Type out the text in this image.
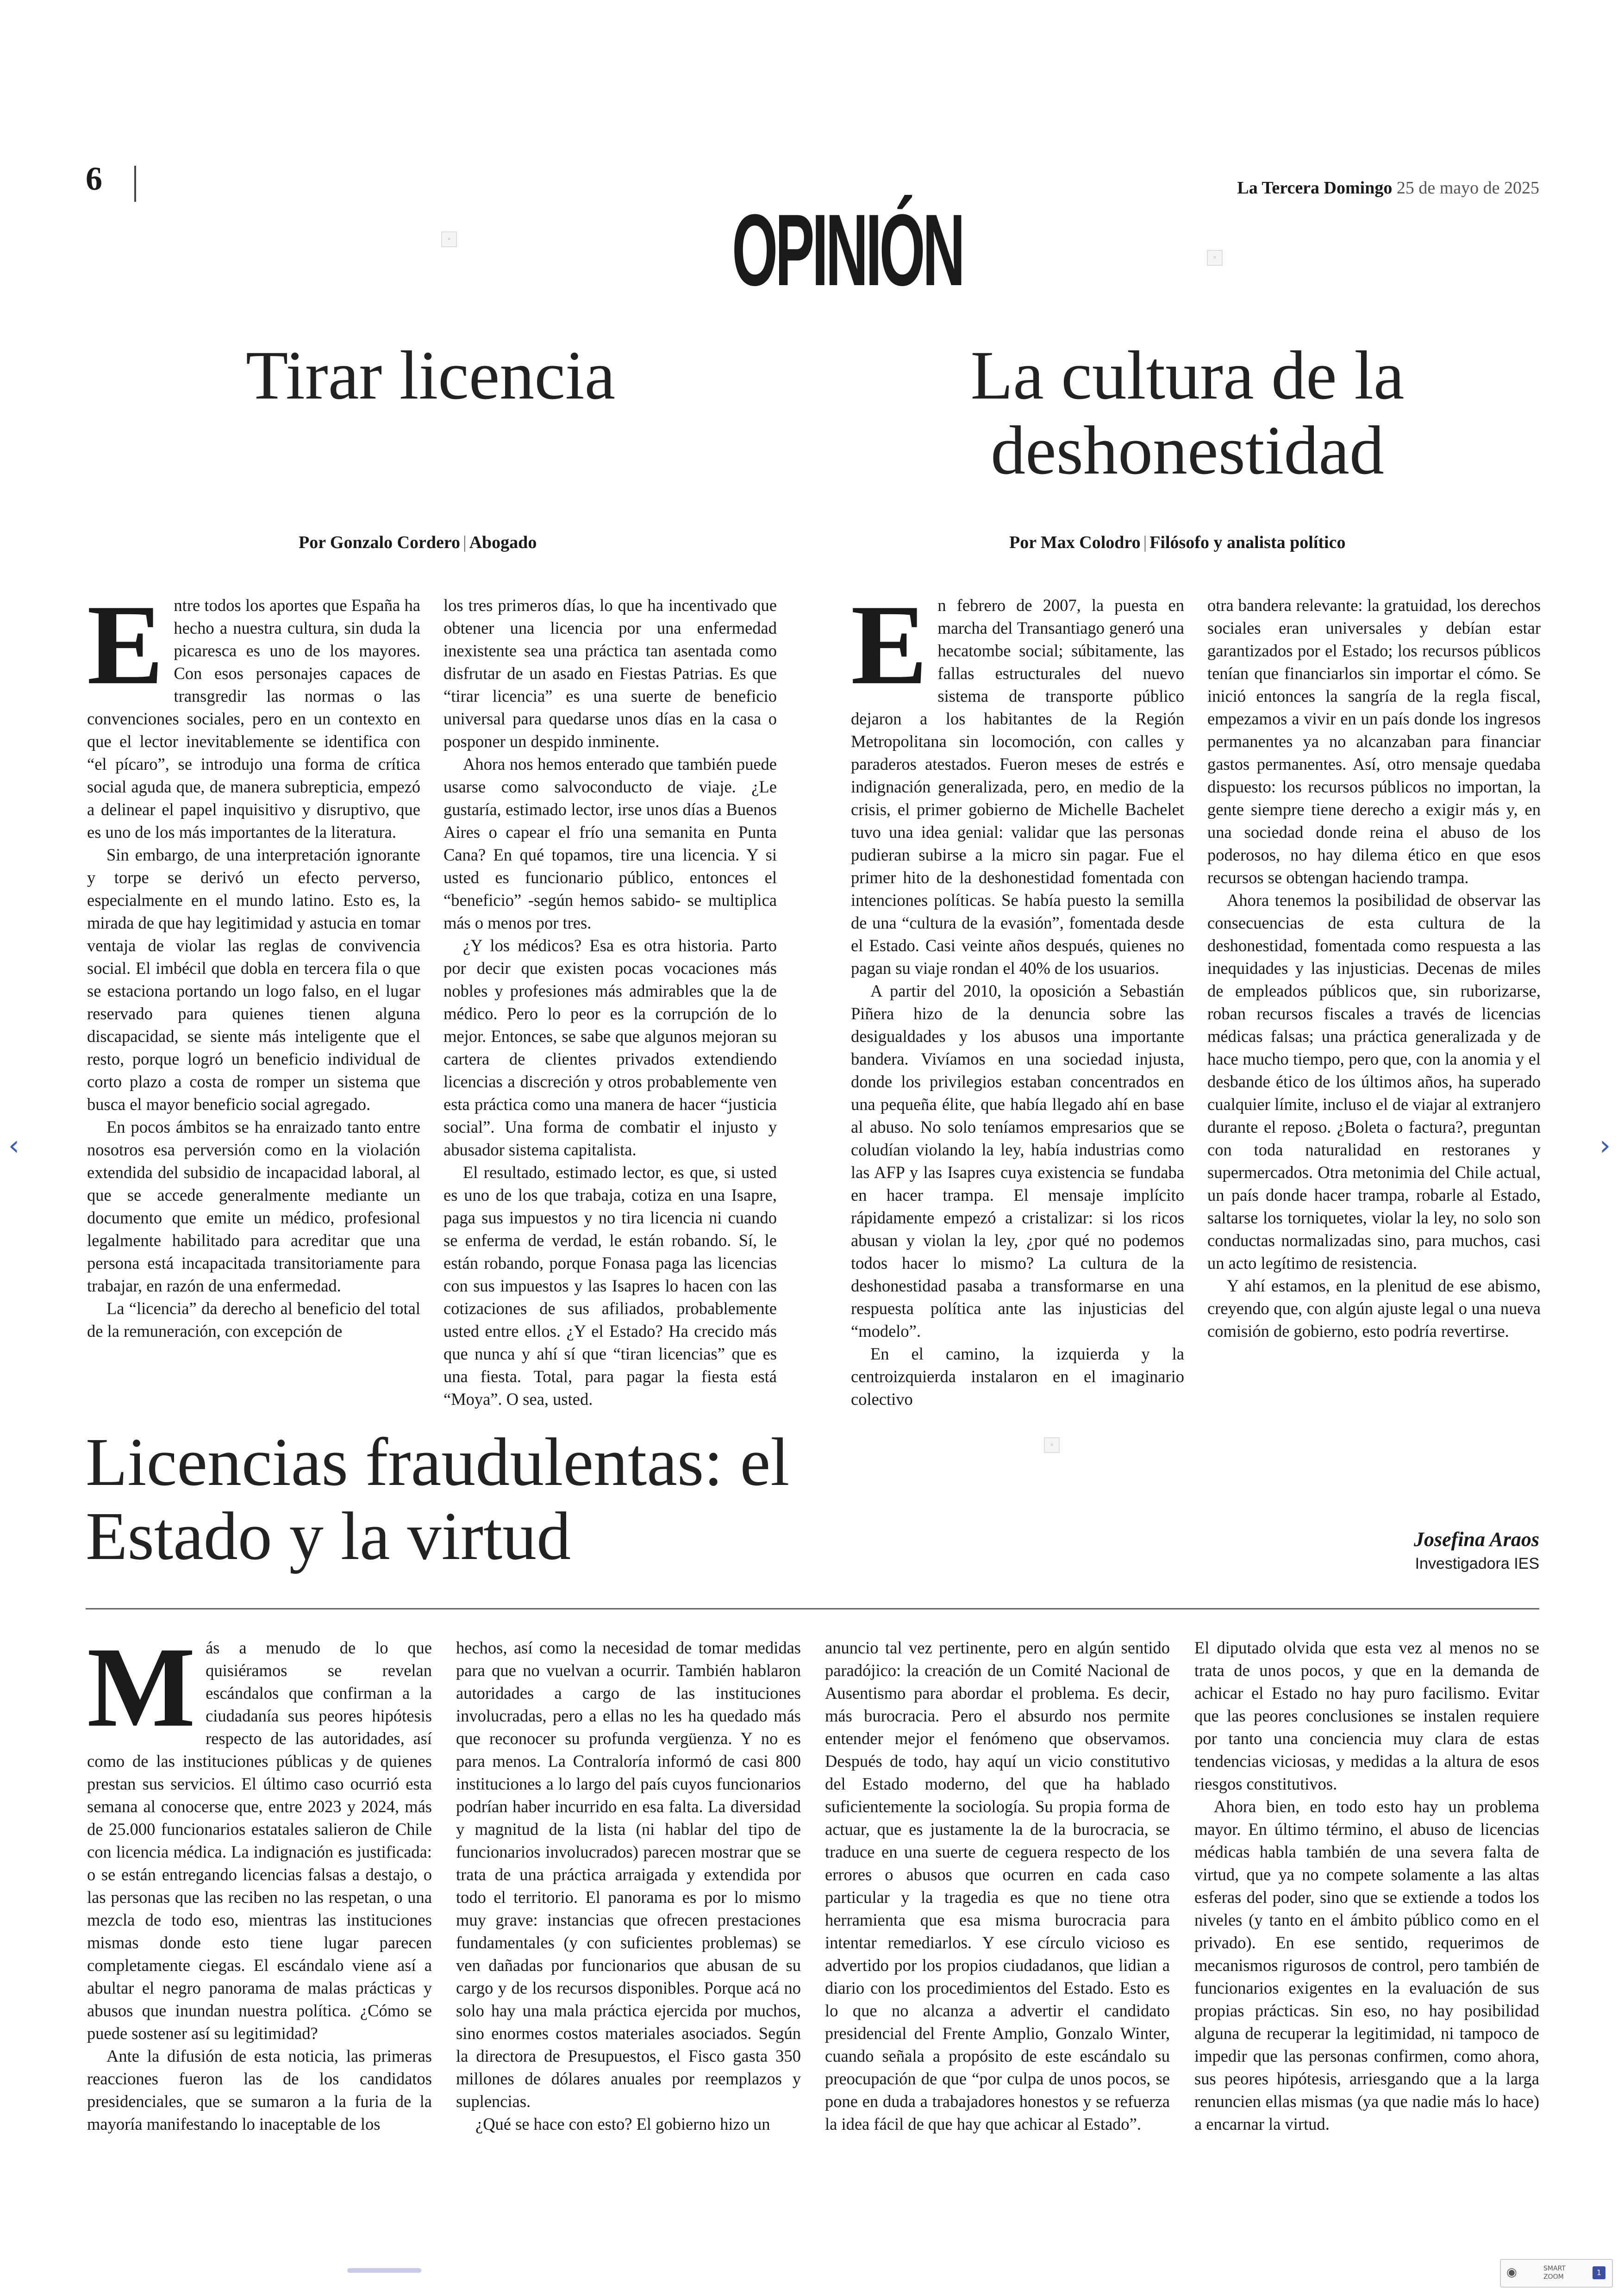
6	La Tercera Domingo 25 de mayo de 2025
OPINIÓN
▫
▫
▫
Tirar licencia
Por Gonzalo Cordero | Abogado

Entre todos los aportes que España ha hecho a nuestra cultura, sin duda la picaresca es uno de los mayores. Con esos personajes capaces de transgredir las normas o las convenciones sociales, pero en un contexto en que el lector inevitablemente se identifica con “el pícaro”, se introdujo una forma de crítica social aguda que, de manera subrepticia, empezó a delinear el papel inquisitivo y disruptivo, que es uno de los más importantes de la literatura.

Sin embargo, de una interpretación ignorante y torpe se derivó un efecto perverso, especialmente en el mundo latino. Esto es, la mirada de que hay legitimidad y astucia en tomar ventaja de violar las reglas de convivencia social. El imbécil que dobla en tercera fila o que se estaciona portando un logo falso, en el lugar reservado para quienes tienen alguna discapacidad, se siente más inteligente que el resto, porque logró un beneficio individual de corto plazo a costa de romper un sistema que busca el mayor beneficio social agregado.

En pocos ámbitos se ha enraizado tanto entre nosotros esa perversión como en la violación extendida del subsidio de incapacidad laboral, al que se accede generalmente mediante un documento que emite un médico, profesional legalmente habilitado para acreditar que una persona está incapacitada transitoriamente para trabajar, en razón de una enfermedad.

La “licencia” da derecho al beneficio del total de la remuneración, con excepción de

los tres primeros días, lo que ha incentivado que obtener una licencia por una enfermedad inexistente sea una práctica tan asentada como disfrutar de un asado en Fiestas Patrias. Es que “tirar licencia” es una suerte de beneficio universal para quedarse unos días en la casa o posponer un despido inminente.

Ahora nos hemos enterado que también puede usarse como salvoconducto de viaje. ¿Le gustaría, estimado lector, irse unos días a Buenos Aires o capear el frío una semanita en Punta Cana? En qué topamos, tire una licencia. Y si usted es funcionario público, entonces el “beneficio” -según hemos sabido- se multiplica más o menos por tres.

¿Y los médicos? Esa es otra historia. Parto por decir que existen pocas vocaciones más nobles y profesiones más admirables que la de médico. Pero lo peor es la corrupción de lo mejor. Entonces, se sabe que algunos mejoran su cartera de clientes privados extendiendo licencias a discreción y otros probablemente ven esta práctica como una manera de hacer “justicia social”. Una forma de combatir el injusto y abusador sistema capitalista.

El resultado, estimado lector, es que, si usted es uno de los que trabaja, cotiza en una Isapre, paga sus impuestos y no tira licencia ni cuando se enferma de verdad, le están robando. Sí, le están robando, porque Fonasa paga las licencias con sus impuestos y las Isapres lo hacen con las cotizaciones de sus afiliados, probablemente usted entre ellos. ¿Y el Estado? Ha crecido más que nunca y ahí sí que “tiran licencias” que es una fiesta. Total, para pagar la fiesta está “Moya”. O sea, usted.

La cultura de la
deshonestidad
Por Max Colodro | Filósofo y analista político

En febrero de 2007, la puesta en marcha del Transantiago generó una hecatombe social; súbitamente, las fallas estructurales del nuevo sistema de transporte público dejaron a los habitantes de la Región Metropolitana sin locomoción, con calles y paraderos atestados. Fueron meses de estrés e indignación generalizada, pero, en medio de la crisis, el primer gobierno de Michelle Bachelet tuvo una idea genial: validar que las personas pudieran subirse a la micro sin pagar. Fue el primer hito de la deshonestidad fomentada con intenciones políticas. Se había puesto la semilla de una “cultura de la evasión”, fomentada desde el Estado. Casi veinte años después, quienes no pagan su viaje rondan el 40% de los usuarios.

A partir del 2010, la oposición a Sebastián Piñera hizo de la denuncia sobre las desigualdades y los abusos una importante bandera. Vivíamos en una sociedad injusta, donde los privilegios estaban concentrados en una pequeña élite, que había llegado ahí en base al abuso. No solo teníamos empresarios que se coludían violando la ley, había industrias como las AFP y las Isapres cuya existencia se fundaba en hacer trampa. El mensaje implícito rápidamente empezó a cristalizar: si los ricos abusan y violan la ley, ¿por qué no podemos todos hacer lo mismo? La cultura de la deshonestidad pasaba a transformarse en una respuesta política ante las injusticias del “modelo”.

En el camino, la izquierda y la centroizquierda instalaron en el imaginario colectivo

otra bandera relevante: la gratuidad, los derechos sociales eran universales y debían estar garantizados por el Estado; los recursos públicos tenían que financiarlos sin importar el cómo. Se inició entonces la sangría de la regla fiscal, empezamos a vivir en un país donde los ingresos permanentes ya no alcanzaban para financiar gastos permanentes. Así, otro mensaje quedaba dispuesto: los recursos públicos no importan, la gente siempre tiene derecho a exigir más y, en una sociedad donde reina el abuso de los poderosos, no hay dilema ético en que esos recursos se obtengan haciendo trampa.

Ahora tenemos la posibilidad de observar las consecuencias de esta cultura de la deshonestidad, fomentada como respuesta a las inequidades y las injusticias. Decenas de miles de empleados públicos que, sin ruborizarse, roban recursos fiscales a través de licencias médicas falsas; una práctica generalizada y de hace mucho tiempo, pero que, con la anomia y el desbande ético de los últimos años, ha superado cualquier límite, incluso el de viajar al extranjero durante el reposo. ¿Boleta o factura?, preguntan con toda naturalidad en restoranes y supermercados. Otra metonimia del Chile actual, un país donde hacer trampa, robarle al Estado, saltarse los torniquetes, violar la ley, no solo son conductas normalizadas sino, para muchos, casi un acto legítimo de resistencia.

Y ahí estamos, en la plenitud de ese abismo, creyendo que, con algún ajuste legal o una nueva comisión de gobierno, esto podría revertirse.

Licencias fraudulentas: el
Estado y la virtud	Josefina Araos
Investigadora IES

Más a menudo de lo que quisiéramos se revelan escándalos que confirman a la ciudadanía sus peores hipótesis respecto de las autoridades, así como de las instituciones públicas y de quienes prestan sus servicios. El último caso ocurrió esta semana al conocerse que, entre 2023 y 2024, más de 25.000 funcionarios estatales salieron de Chile con licencia médica. La indignación es justificada: o se están entregando licencias falsas a destajo, o las personas que las reciben no las respetan, o una mezcla de todo eso, mientras las instituciones mismas donde esto tiene lugar parecen completamente ciegas. El escándalo viene así a abultar el negro panorama de malas prácticas y abusos que inundan nuestra política. ¿Cómo se puede sostener así su legitimidad?

Ante la difusión de esta noticia, las primeras reacciones fueron las de los candidatos presidenciales, que se sumaron a la furia de la mayoría manifestando lo inaceptable de los

hechos, así como la necesidad de tomar medidas para que no vuelvan a ocurrir. También hablaron autoridades a cargo de las instituciones involucradas, pero a ellas no les ha quedado más que reconocer su profunda vergüenza. Y no es para menos. La Contraloría informó de casi 800 instituciones a lo largo del país cuyos funcionarios podrían haber incurrido en esa falta. La diversidad y magnitud de la lista (ni hablar del tipo de funcionarios involucrados) parecen mostrar que se trata de una práctica arraigada y extendida por todo el territorio. El panorama es por lo mismo muy grave: instancias que ofrecen prestaciones fundamentales (y con suficientes problemas) se ven dañadas por funcionarios que abusan de su cargo y de los recursos disponibles. Porque acá no solo hay una mala práctica ejercida por muchos, sino enormes costos materiales asociados. Según la directora de Presupuestos, el Fisco gasta 350 millones de dólares anuales por reemplazos y suplencias.

¿Qué se hace con esto? El gobierno hizo un

anuncio tal vez pertinente, pero en algún sentido paradójico: la creación de un Comité Nacional de Ausentismo para abordar el problema. Es decir, más burocracia. Pero el absurdo nos permite entender mejor el fenómeno que observamos. Después de todo, hay aquí un vicio constitutivo del Estado moderno, del que ha hablado suficientemente la sociología. Su propia forma de actuar, que es justamente la de la burocracia, se traduce en una suerte de ceguera respecto de los errores o abusos que ocurren en cada caso particular y la tragedia es que no tiene otra herramienta que esa misma burocracia para intentar remediarlos. Y ese círculo vicioso es advertido por los propios ciudadanos, que lidian a diario con los procedimientos del Estado. Esto es lo que no alcanza a advertir el candidato presidencial del Frente Amplio, Gonzalo Winter, cuando señala a propósito de este escándalo su preocupación de que “por culpa de unos pocos, se pone en duda a trabajadores honestos y se refuerza la idea fácil de que hay que achicar al Estado”.

El diputado olvida que esta vez al menos no se trata de unos pocos, y que en la demanda de achicar el Estado no hay puro facilismo. Evitar que las peores conclusiones se instalen requiere por tanto una conciencia muy clara de estas tendencias viciosas, y medidas a la altura de esos riesgos constitutivos.

Ahora bien, en todo esto hay un problema mayor. En último término, el abuso de licencias médicas habla también de una severa falta de virtud, que ya no compete solamente a las altas esferas del poder, sino que se extiende a todos los niveles (y tanto en el ámbito público como en el privado). En ese sentido, requerimos de mecanismos rigurosos de control, pero también de funcionarios exigentes en la evaluación de sus propias prácticas. Sin eso, no hay posibilidad alguna de recuperar la legitimidad, ni tampoco de impedir que las personas confirmen, como ahora, sus peores hipótesis, arriesgando que a la larga renuncien ellas mismas (ya que nadie más lo hace) a encarnar la virtud.

‹	›
◉	SMART
ZOOM	1
